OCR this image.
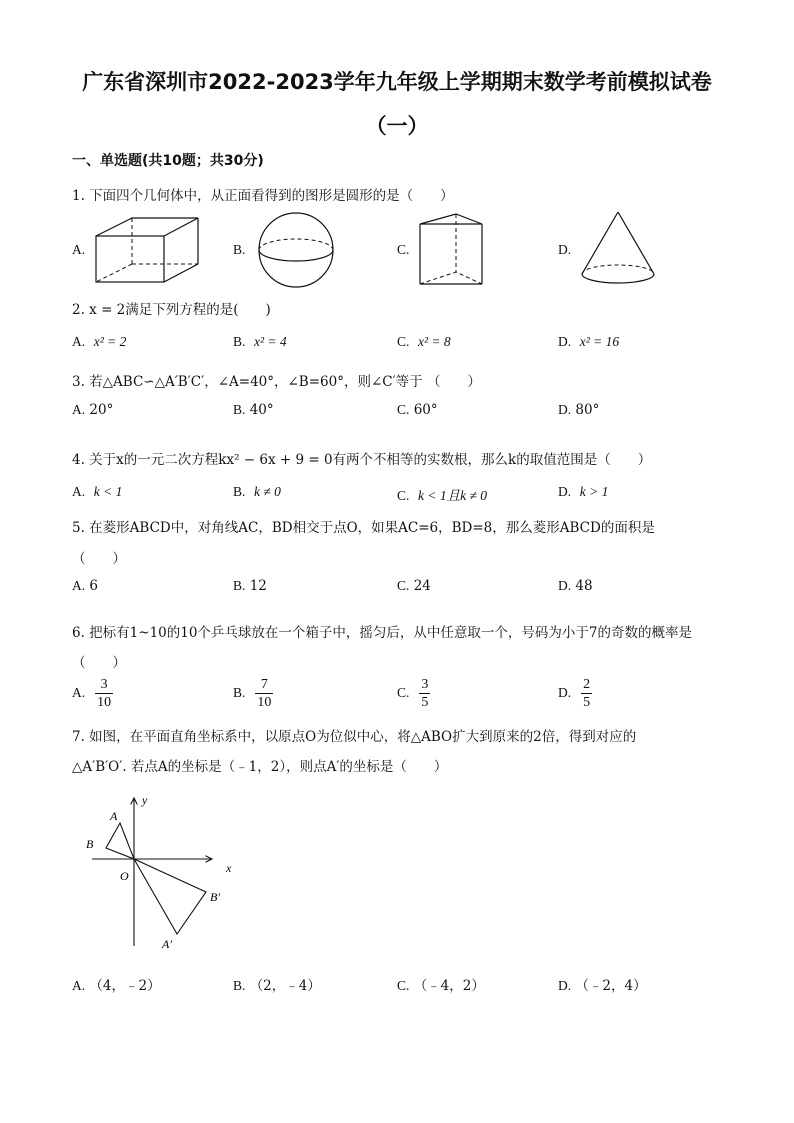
广东省深圳市2022-2023学年九年级上学期期末数学考前模拟试卷
（一）
一、单选题(共10题；共30分)
1. 下面四个几何体中，从正面看得到的图形是圆形的是（　　）
A.	B.	C.	D.
2. x = 2满足下列方程的是(　　)
A. x² = 2	B. x² = 4	C. x² = 8	D. x² = 16
3. 若△ABC∽△A′B′C′，∠A=40°，∠B=60°，则∠C′等于 （　　）
A. 20°	B. 40°	C. 60°	D. 80°
4. 关于x的一元二次方程kx² − 6x + 9 = 0有两个不相等的实数根，那么k的取值范围是（　　）
A. k < 1	B. k ≠ 0	C. k < 1且k ≠ 0	D. k > 1
5. 在菱形ABCD中，对角线AC，BD相交于点O，如果AC=6，BD=8，那么菱形ABCD的面积是
（　　）
A. 6	B. 12	C. 24	D. 48
6. 把标有1~10的10个乒乓球放在一个箱子中，摇匀后，从中任意取一个，号码为小于7的奇数的概率是
（　　）
A. $\frac{3}{10}$	B. $\frac{7}{10}$	C. $\frac{3}{5}$	D. $\frac{2}{5}$
7. 如图，在平面直角坐标系中，以原点O为位似中心，将△ABO扩大到原来的2倍，得到对应的
△A′B′O′. 若点A的坐标是（﹣1，2），则点A′的坐标是（　　）
y
x
A
B
O
B′
A′
A. （4，﹣2）	B. （2，﹣4）	C. （﹣4，2）	D. （﹣2，4）
